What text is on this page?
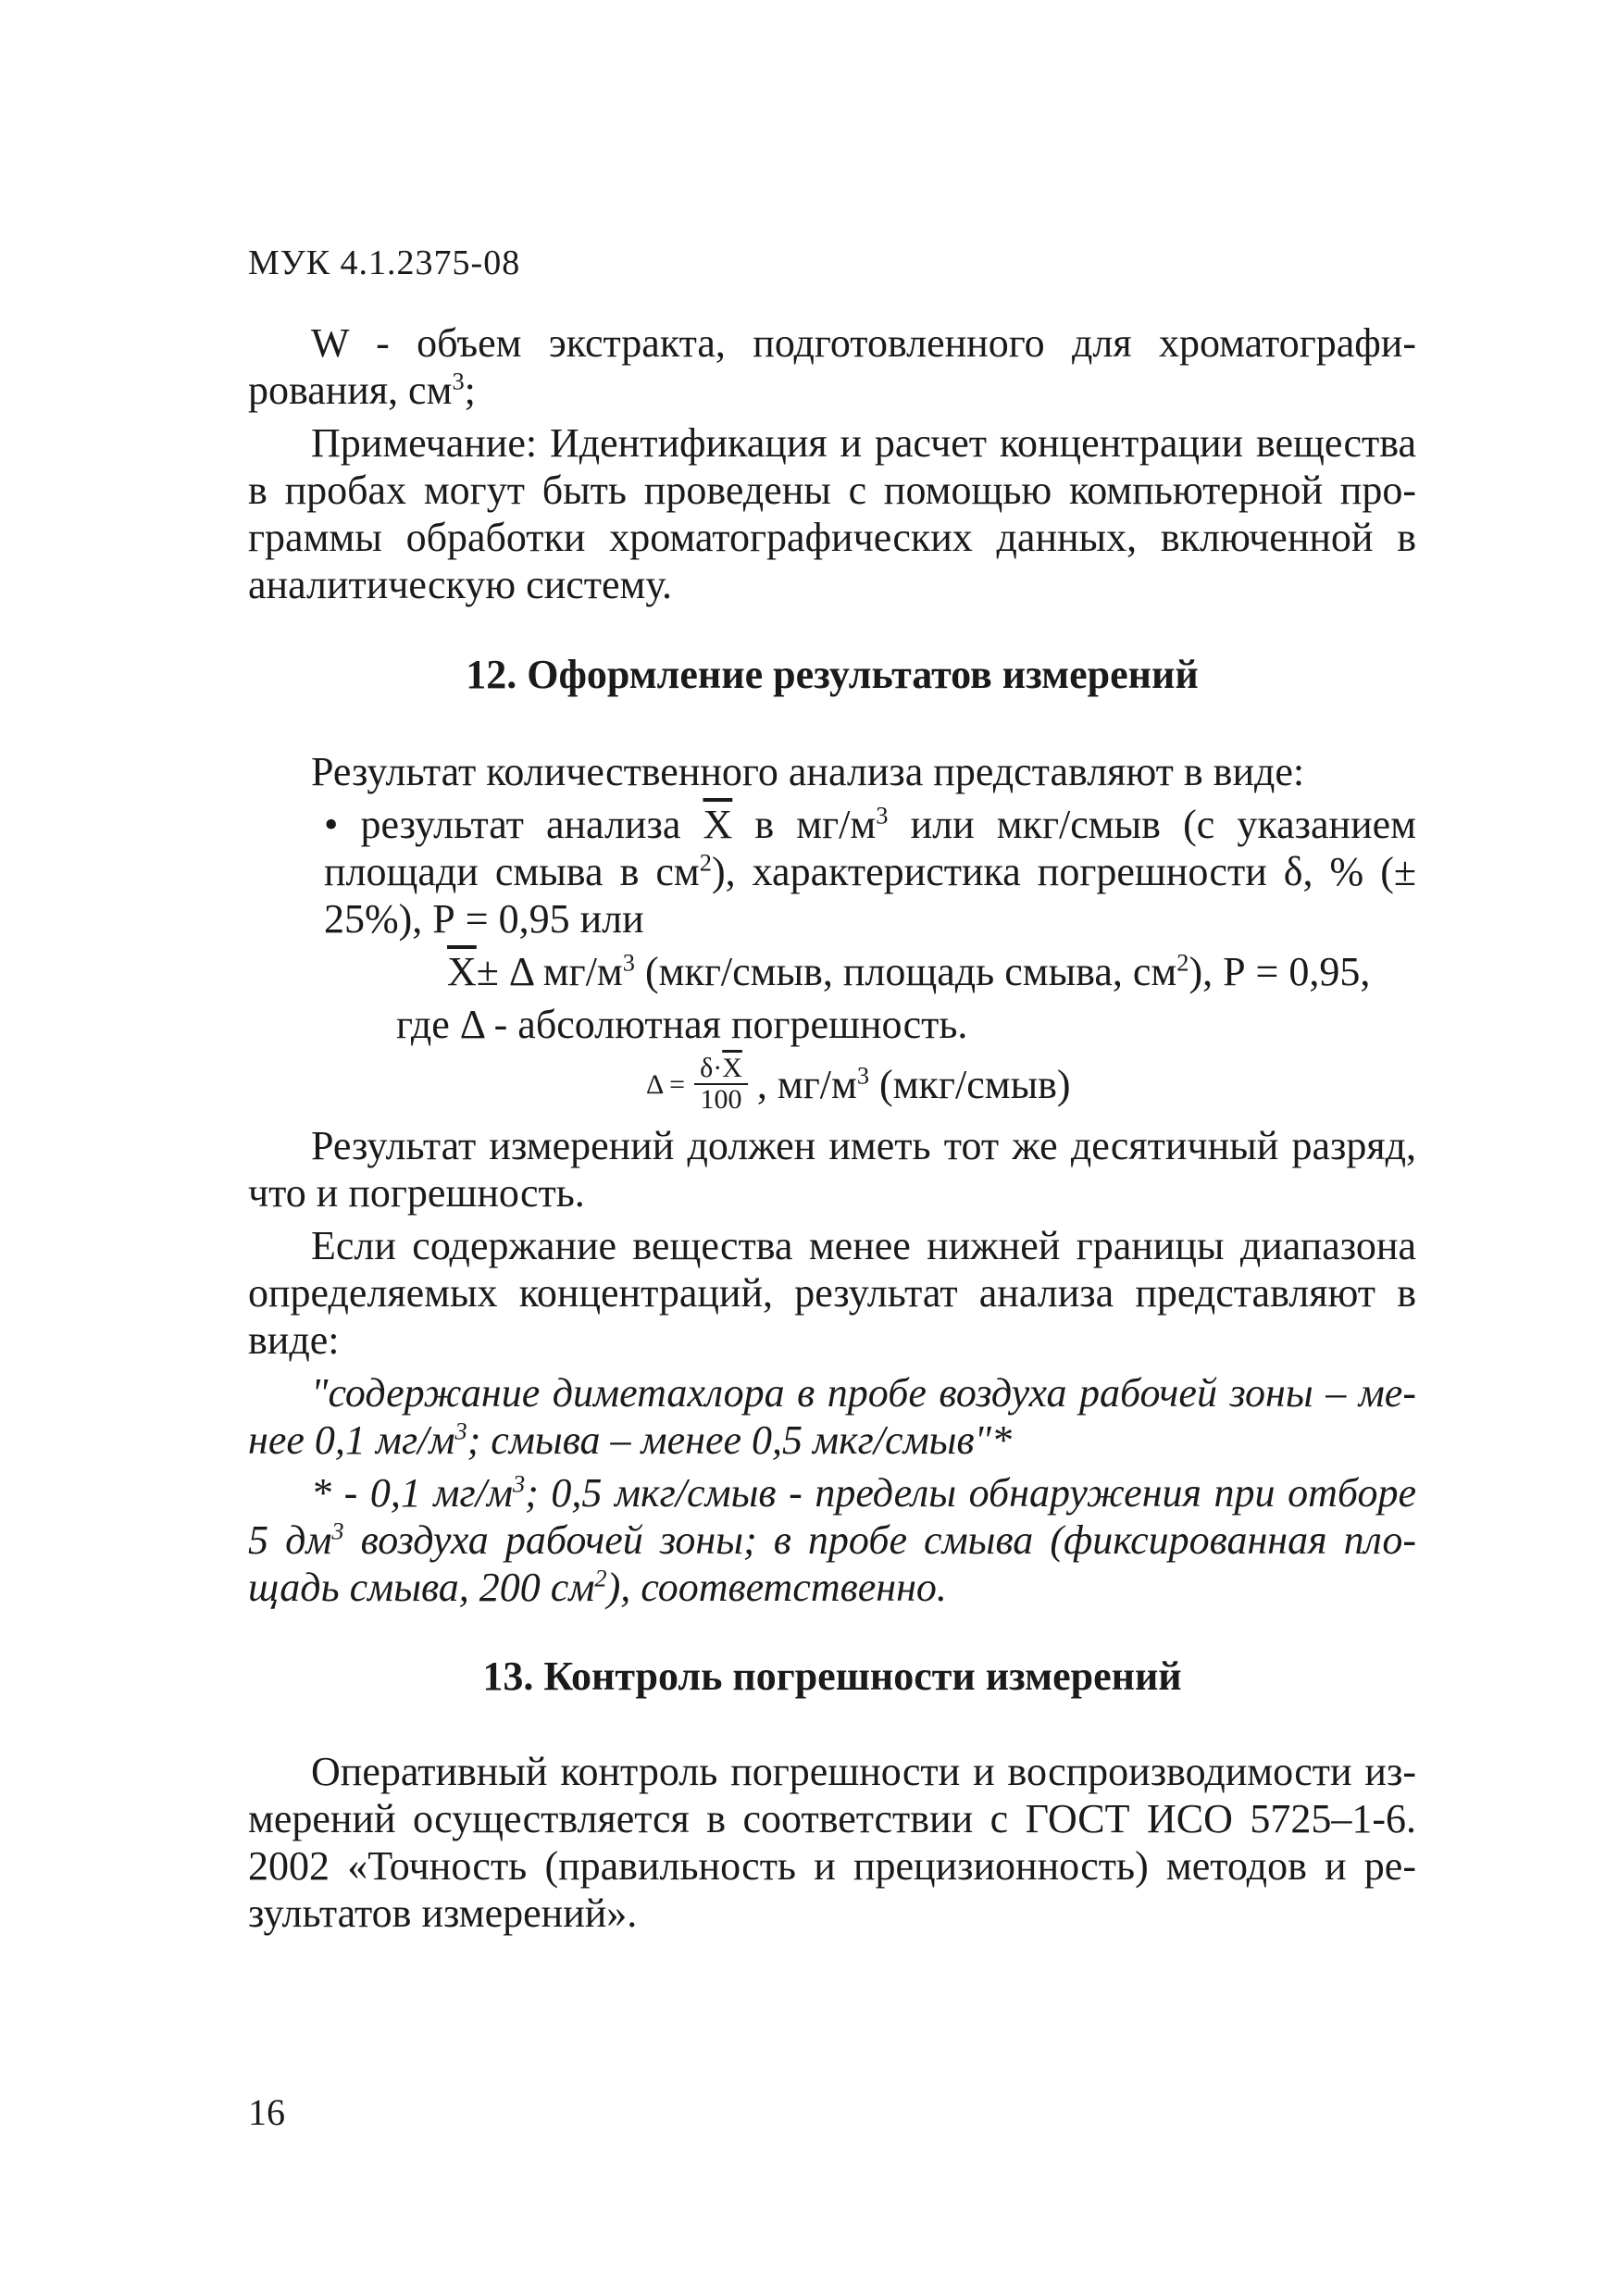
МУК 4.1.2375-08

W - объем экстракта, подготовленного для хроматографи-рования, $см^3$;

Примечание: Идентификация и расчет концентрации вещества в пробах могут быть проведены с помощью компьютерной про-граммы обработки хроматографических данных, включенной в аналитическую систему.

12. Оформление результатов измерений

Результат количественного анализа представляют в виде:

• результат анализа $\overline{X}$ в $мг/м^3$ или мкг/смыв (с указанием площади смыва в $см^2$), характеристика погрешности δ, % (± 25%), Р = 0,95 или

$\overline{X}\pm \Delta$ $мг/м^3$ (мкг/смыв, площадь смыва, $см^2$), Р = 0,95,

где Δ - абсолютная погрешность.

$\Delta = \frac{\delta\cdot\overline{X}}{100}$ , $мг/м^3$ (мкг/смыв)

Результат измерений должен иметь тот же десятичный разряд, что и погрешность.

Если содержание вещества менее нижней границы диапазона определяемых концентраций, результат анализа представляют в виде:

"содержание диметахлора в пробе воздуха рабочей зоны – ме-нее 0,1 $мг/м^3$; смыва – менее 0,5 мкг/смыв"*

* - 0,1 $мг/м^3$; 0,5 мкг/смыв - пределы обнаружения при отборе 5 $дм^3$ воздуха рабочей зоны; в пробе смыва (фиксированная пло-щадь смыва, 200 $см^2$), соответственно.

13. Контроль погрешности измерений

Оперативный контроль погрешности и воспроизводимости из-мерений осуществляется в соответствии с ГОСТ ИСО 5725–1-6. 2002 «Точность (правильность и прецизионность) методов и ре-зультатов измерений».

16
